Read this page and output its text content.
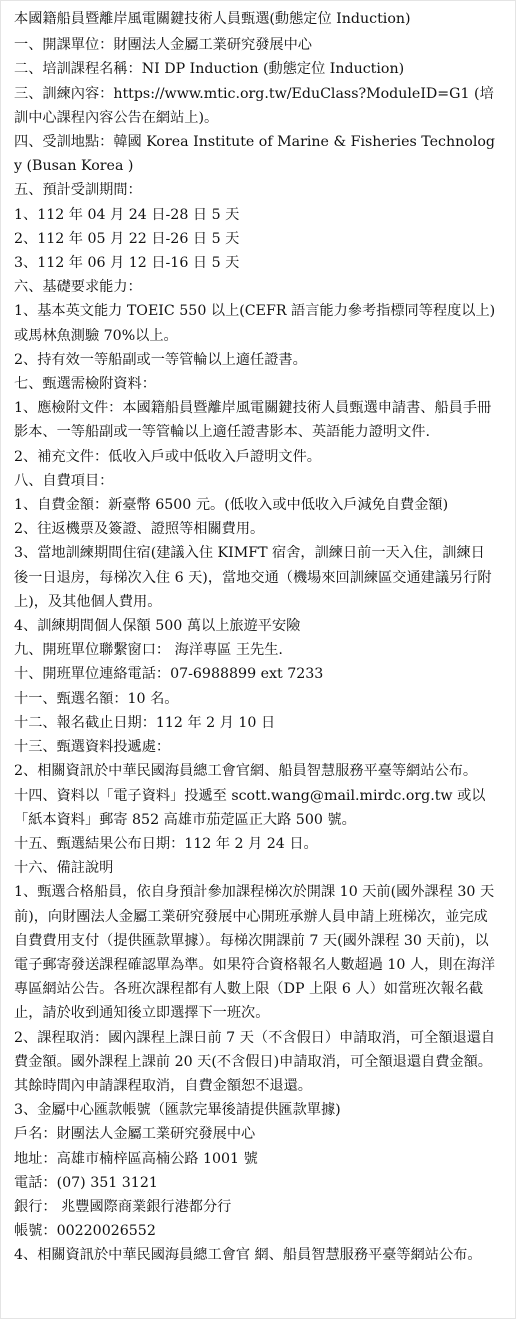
本國籍船員暨離岸風電關鍵技術人員甄選(動態定位 Induction)

一、開課單位：財團法人金屬工業研究發展中心

二、培訓課程名稱：NI DP Induction (動態定位 Induction)

三、訓練內容：https://www.mtic.org.tw/EduClass?ModuleID=G1 (培訓中心課程內容公告在網站上)。

四、受訓地點：韓國 Korea Institute of Marine & Fisheries Technology (Busan Korea )

五、預計受訓期間：

1、112 年 04 月 24 日-28 日 5 天

2、112 年 05 月 22 日-26 日 5 天

3、112 年 06 月 12 日-16 日 5 天

六、基礎要求能力：

1、基本英文能力 TOEIC 550 以上(CEFR 語言能力參考指標同等程度以上)或馬林魚測驗 70%以上。

2、持有效一等船副或一等管輪以上適任證書。

七、甄選需檢附資料：

1、應檢附文件：本國籍船員暨離岸風電關鍵技術人員甄選申請書、船員手冊影本、一等船副或一等管輪以上適任證書影本、英語能力證明文件.

2、補充文件：低收入戶或中低收入戶證明文件。

八、自費項目：

1、自費金額：新臺幣 6500 元。(低收入或中低收入戶減免自費金額)

2、往返機票及簽證、證照等相關費用。

3、當地訓練期間住宿(建議入住 KIMFT 宿舍，訓練日前一天入住，訓練日後一日退房，每梯次入住 6 天)，當地交通（機場來回訓練區交通建議另行附上)，及其他個人費用。

4、訓練期間個人保額 500 萬以上旅遊平安險

九、開班單位聯繫窗口： 海洋專區 王先生.

十、開班單位連絡電話：07-6988899 ext 7233

十一、甄選名額：10 名。

十二、報名截止日期：112 年 2 月 10 日

十三、甄選資料投遞處：

2、相關資訊於中華民國海員總工會官網、船員智慧服務平臺等網站公布。

十四、資料以「電子資料」投遞至 scott.wang@mail.mirdc.org.tw 或以「紙本資料」郵寄 852 高雄市茄萣區正大路 500 號。

十五、甄選結果公布日期：112 年 2 月 24 日。

十六、備註說明

1、甄選合格船員，依自身預計參加課程梯次於開課 10 天前(國外課程 30 天前)，向財團法人金屬工業研究發展中心開班承辦人員申請上班梯次，並完成自費費用支付（提供匯款單據）。每梯次開課前 7 天(國外課程 30 天前)，以電子郵寄發送課程確認單為準。如果符合資格報名人數超過 10 人，則在海洋專區網站公告。各班次課程都有人數上限（DP 上限 6 人）如當班次報名截止，請於收到通知後立即選擇下一班次。

2、課程取消：國內課程上課日前 7 天（不含假日）申請取消，可全額退還自費金額。國外課程上課前 20 天(不含假日)申請取消，可全額退還自費金額。其餘時間內申請課程取消，自費金額恕不退還。

3、金屬中心匯款帳號（匯款完畢後請提供匯款單據)

戶名：財團法人金屬工業研究發展中心

地址：高雄市楠梓區高楠公路 1001 號

電話：(07) 351 3121

銀行： 兆豐國際商業銀行港都分行

帳號：00220026552

4、相關資訊於中華民國海員總工會官 網、船員智慧服務平臺等網站公布。
